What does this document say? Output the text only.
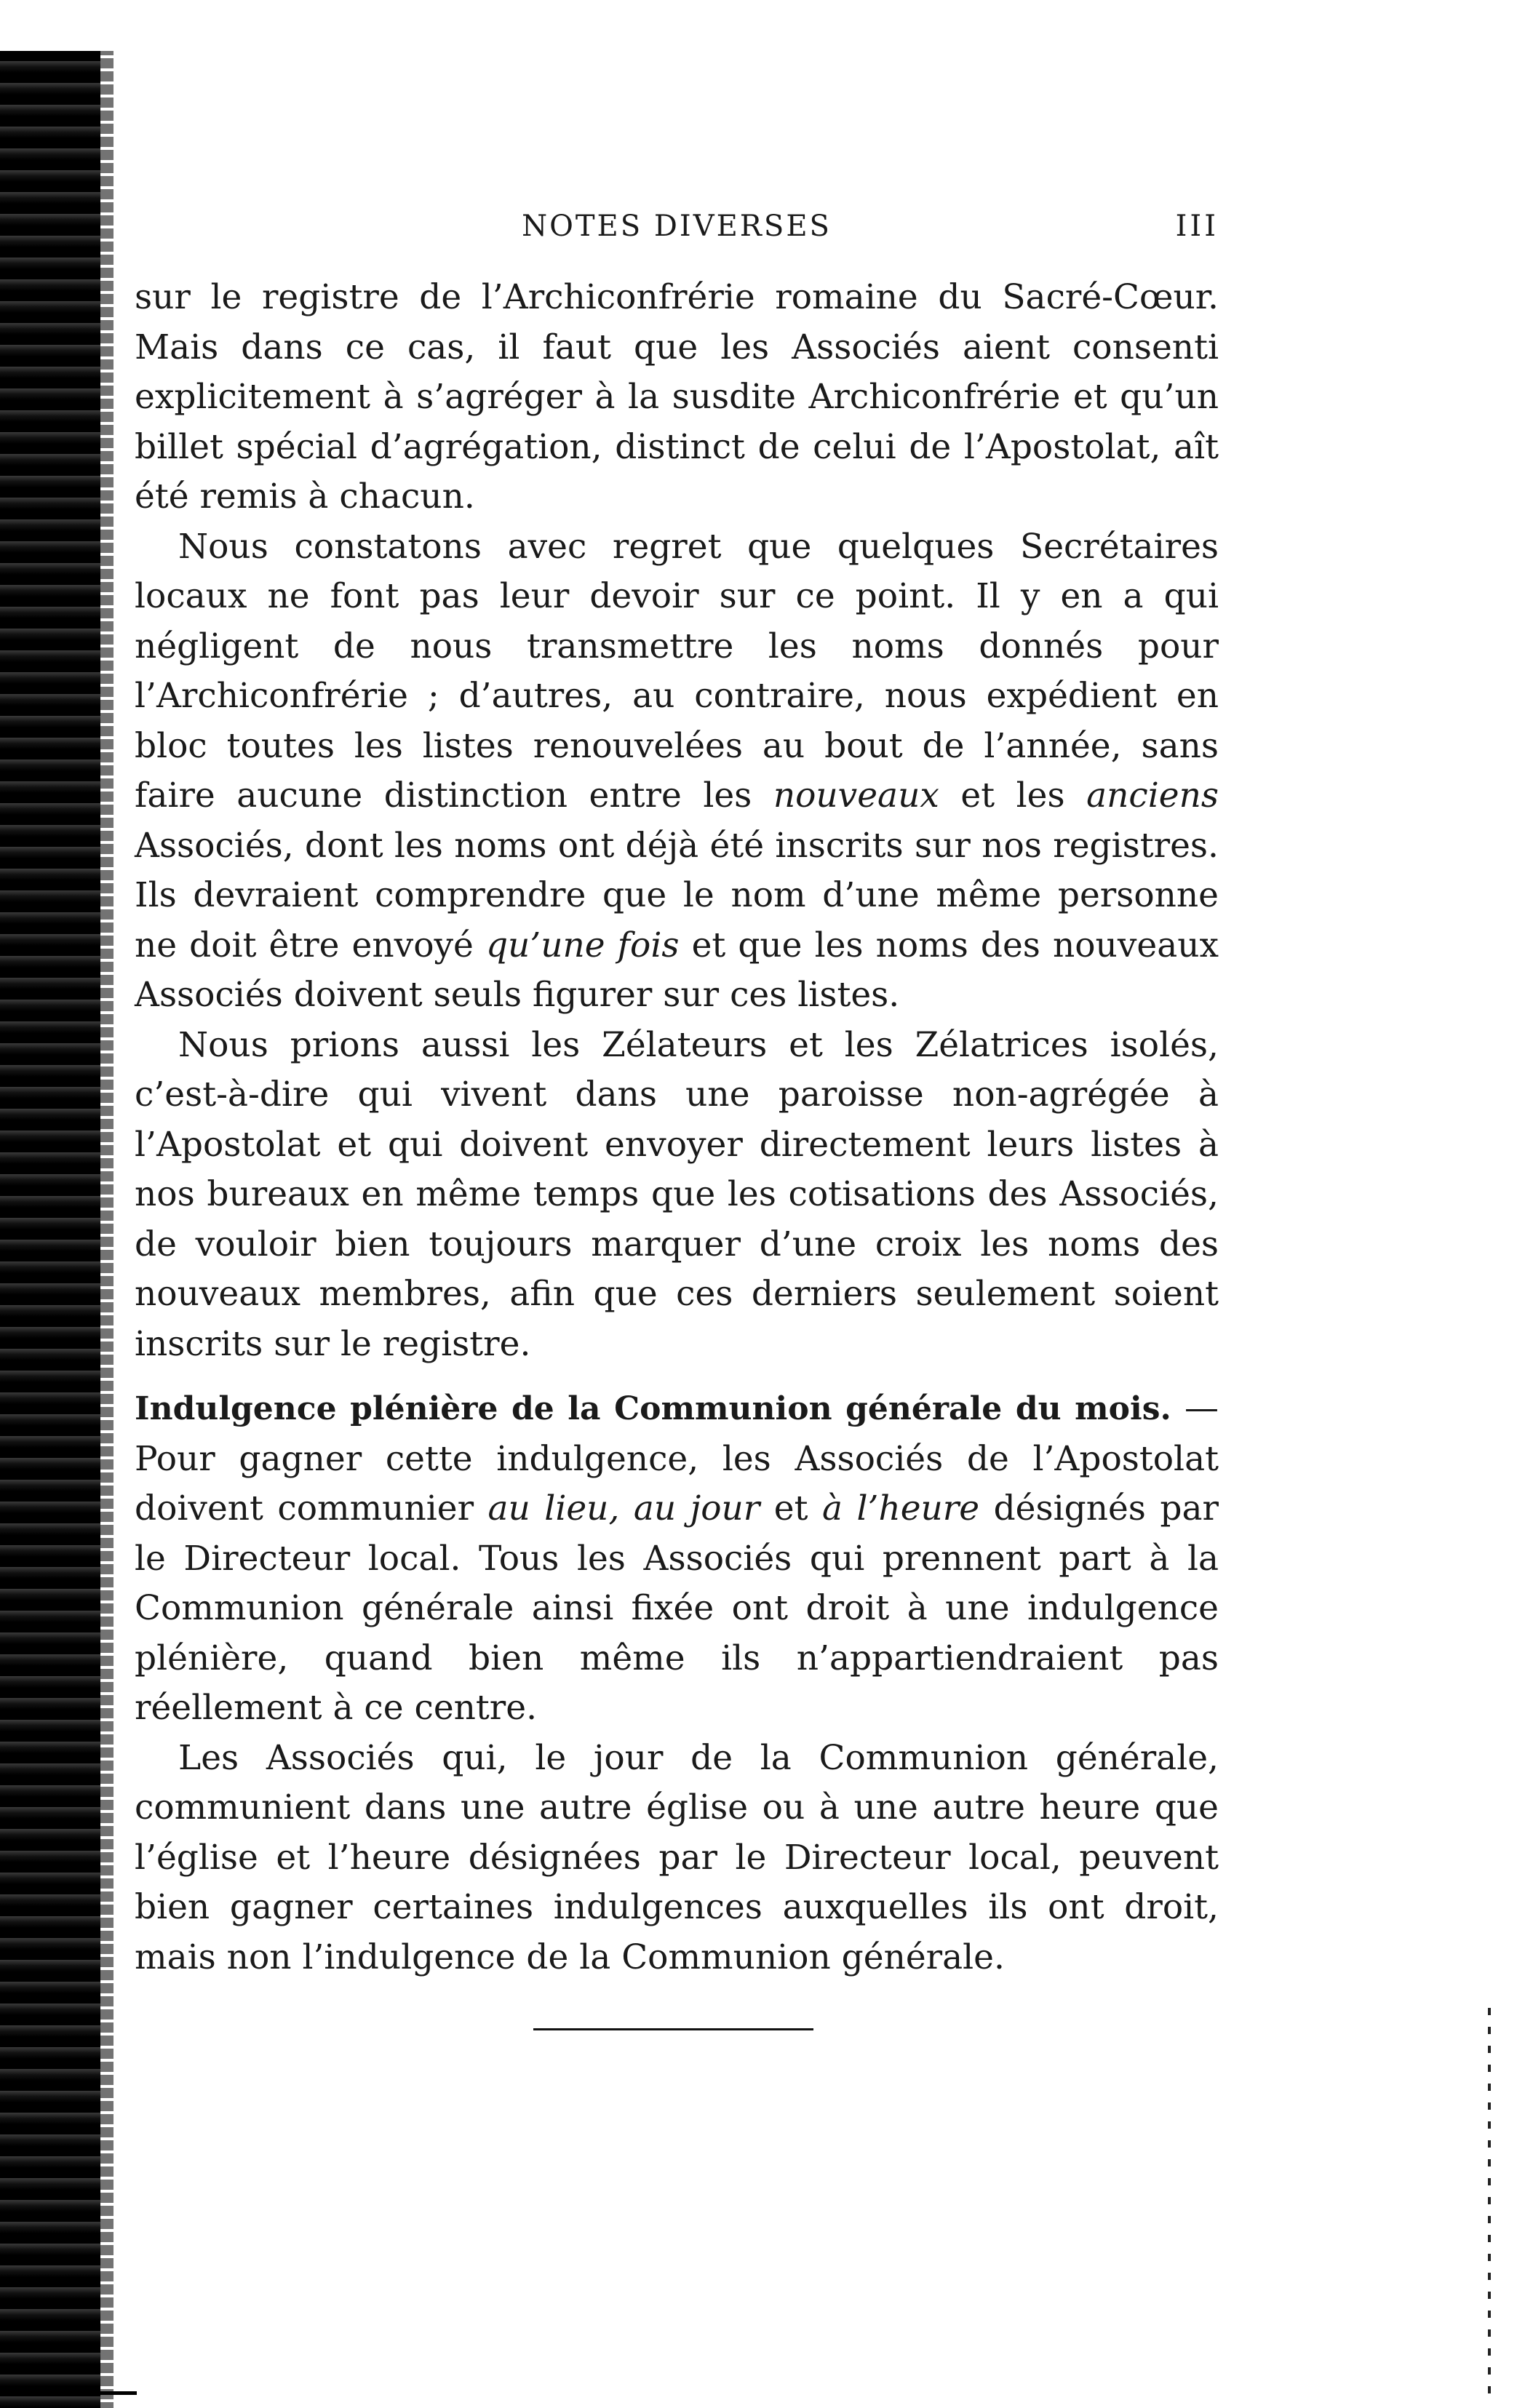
NOTES DIVERSES	III

sur le registre de l’Archiconfrérie romaine du Sacré-Cœur. Mais dans ce cas, il faut que les Associés aient consenti explicitement à s’agréger à la susdite Archiconfrérie et qu’un billet spécial d’agrégation, distinct de celui de l’Apostolat, aît été remis à chacun.

Nous constatons avec regret que quelques Secrétaires locaux ne font pas leur devoir sur ce point. Il y en a qui négligent de nous transmettre les noms donnés pour l’Archiconfrérie ; d’autres, au contraire, nous expédient en bloc toutes les listes renouvelées au bout de l’année, sans faire aucune distinction entre les nouveaux et les anciens Associés, dont les noms ont déjà été inscrits sur nos registres. Ils devraient comprendre que le nom d’une même personne ne doit être envoyé qu’une fois et que les noms des nouveaux Associés doivent seuls figurer sur ces listes.

Nous prions aussi les Zélateurs et les Zélatrices isolés, c’est-à-dire qui vivent dans une paroisse non-agrégée à l’Apostolat et qui doivent envoyer directement leurs listes à nos bureaux en même temps que les cotisations des Associés, de vouloir bien toujours marquer d’une croix les noms des nouveaux membres, afin que ces derniers seulement soient inscrits sur le registre.

Indulgence plénière de la Communion générale du mois. — Pour gagner cette indulgence, les Associés de l’Apostolat doivent communier au lieu, au jour et à l’heure désignés par le Directeur local. Tous les Associés qui prennent part à la Communion générale ainsi fixée ont droit à une indulgence plénière, quand bien même ils n’appartiendraient pas réellement à ce centre.

Les Associés qui, le jour de la Communion générale, communient dans une autre église ou à une autre heure que l’église et l’heure désignées par le Directeur local, peuvent bien gagner certaines indulgences auxquelles ils ont droit, mais non l’indulgence de la Communion générale.
